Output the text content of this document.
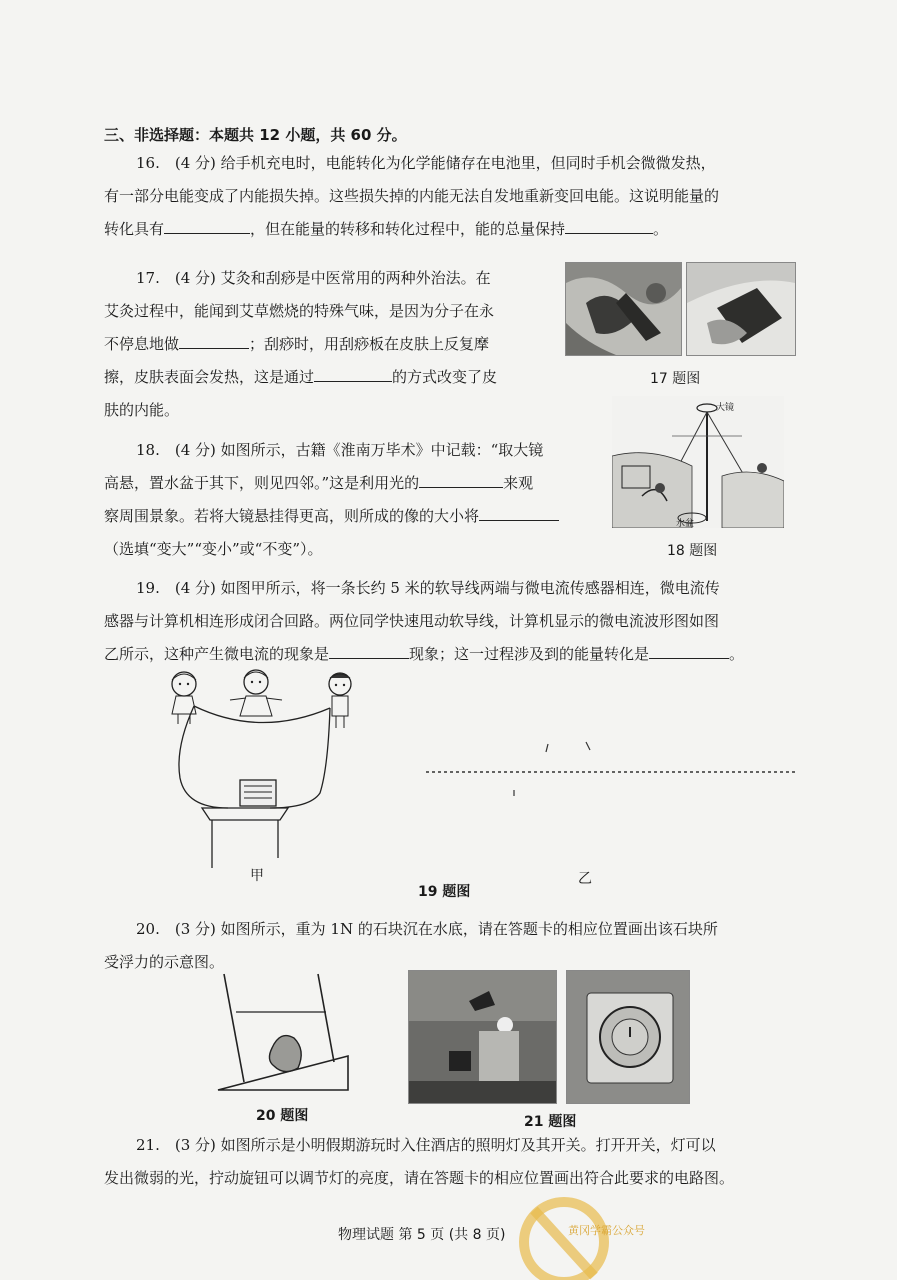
三、非选择题：本题共 12 小题，共 60 分。
16.　(4 分) 给手机充电时，电能转化为化学能储存在电池里，但同时手机会微微发热，
有一部分电能变成了内能损失掉。这些损失掉的内能无法自发地重新变回电能。这说明能量的
转化具有	，但在能量的转移和转化过程中，能的总量保持	。
17.　(4 分) 艾灸和刮痧是中医常用的两种外治法。在
艾灸过程中，能闻到艾草燃烧的特殊气味，是因为分子在永
不停息地做	；刮痧时，用刮痧板在皮肤上反复摩
擦，皮肤表面会发热，这是通过	的方式改变了皮
肤的内能。
17 题图
18.　(4 分) 如图所示，古籍《淮南万毕术》中记载：“取大镜
高悬，置水盆于其下，则见四邻。”这是利用光的	来观
察周围景象。若将大镜悬挂得更高，则所成的像的大小将
（选填“变大”“变小”或“不变”）。
大镜
水盆
18 题图
19.　(4 分) 如图甲所示，将一条长约 5 米的软导线两端与微电流传感器相连，微电流传
感器与计算机相连形成闭合回路。两位同学快速甩动软导线，计算机显示的微电流波形图如图
乙所示，这种产生微电流的现象是	现象；这一过程涉及到的能量转化是	。
甲	乙
19 题图
20.　(3 分) 如图所示，重为 1N 的石块沉在水底，请在答题卡的相应位置画出该石块所
受浮力的示意图。
20 题图	21 题图
21.　(3 分) 如图所示是小明假期游玩时入住酒店的照明灯及其开关。打开开关，灯可以
发出微弱的光，拧动旋钮可以调节灯的亮度，请在答题卡的相应位置画出符合此要求的电路图。
物理试题 第 5 页 (共 8 页)	黄冈学霸公众号
